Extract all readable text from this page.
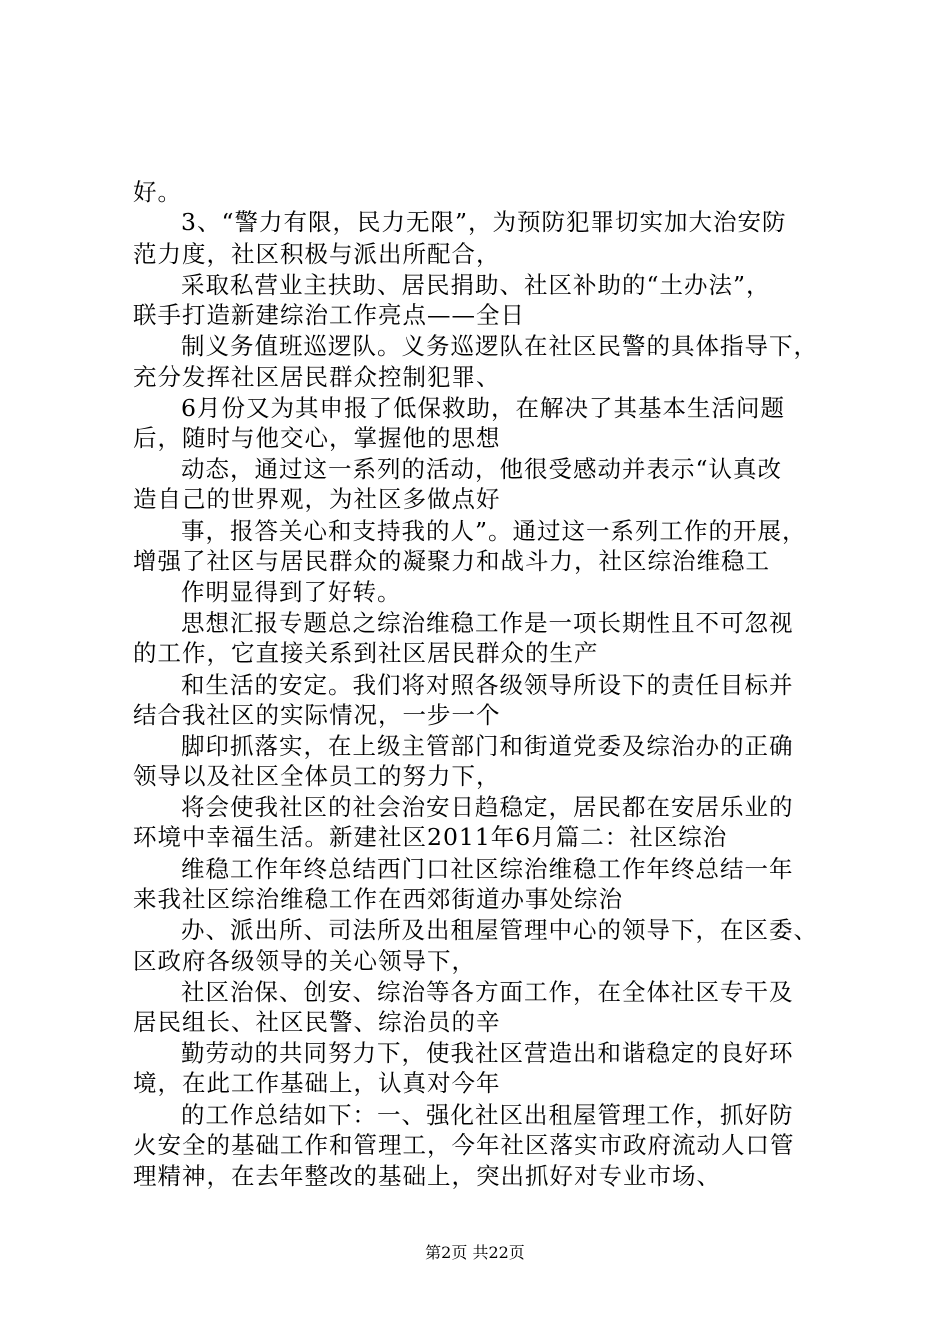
好。
3、“警力有限，民力无限”，为预防犯罪切实加大治安防
范力度，社区积极与派出所配合，
采取私营业主扶助、居民捐助、社区补助的“土办法”，
联手打造新建综治工作亮点——全日
制义务值班巡逻队。义务巡逻队在社区民警的具体指导下，
充分发挥社区居民群众控制犯罪、
6月份又为其申报了低保救助，在解决了其基本生活问题
后，随时与他交心，掌握他的思想
动态，通过这一系列的活动，他很受感动并表示“认真改
造自己的世界观，为社区多做点好
事，报答关心和支持我的人”。通过这一系列工作的开展，
增强了社区与居民群众的凝聚力和战斗力，社区综治维稳工
作明显得到了好转。
思想汇报专题总之综治维稳工作是一项长期性且不可忽视
的工作，它直接关系到社区居民群众的生产
和生活的安定。我们将对照各级领导所设下的责任目标并
结合我社区的实际情况，一步一个
脚印抓落实，在上级主管部门和街道党委及综治办的正确
领导以及社区全体员工的努力下，
将会使我社区的社会治安日趋稳定，居民都在安居乐业的
环境中幸福生活。新建社区2011年6月篇二：社区综治
维稳工作年终总结西门口社区综治维稳工作年终总结一年
来我社区综治维稳工作在西郊街道办事处综治
办、派出所、司法所及出租屋管理中心的领导下，在区委、
区政府各级领导的关心领导下，
社区治保、创安、综治等各方面工作，在全体社区专干及
居民组长、社区民警、综治员的辛
勤劳动的共同努力下，使我社区营造出和谐稳定的良好环
境，在此工作基础上，认真对今年
的工作总结如下：一、强化社区出租屋管理工作，抓好防
火安全的基础工作和管理工，今年社区落实市政府流动人口管
理精神，在去年整改的基础上，突出抓好对专业市场、
第2页 共22页
